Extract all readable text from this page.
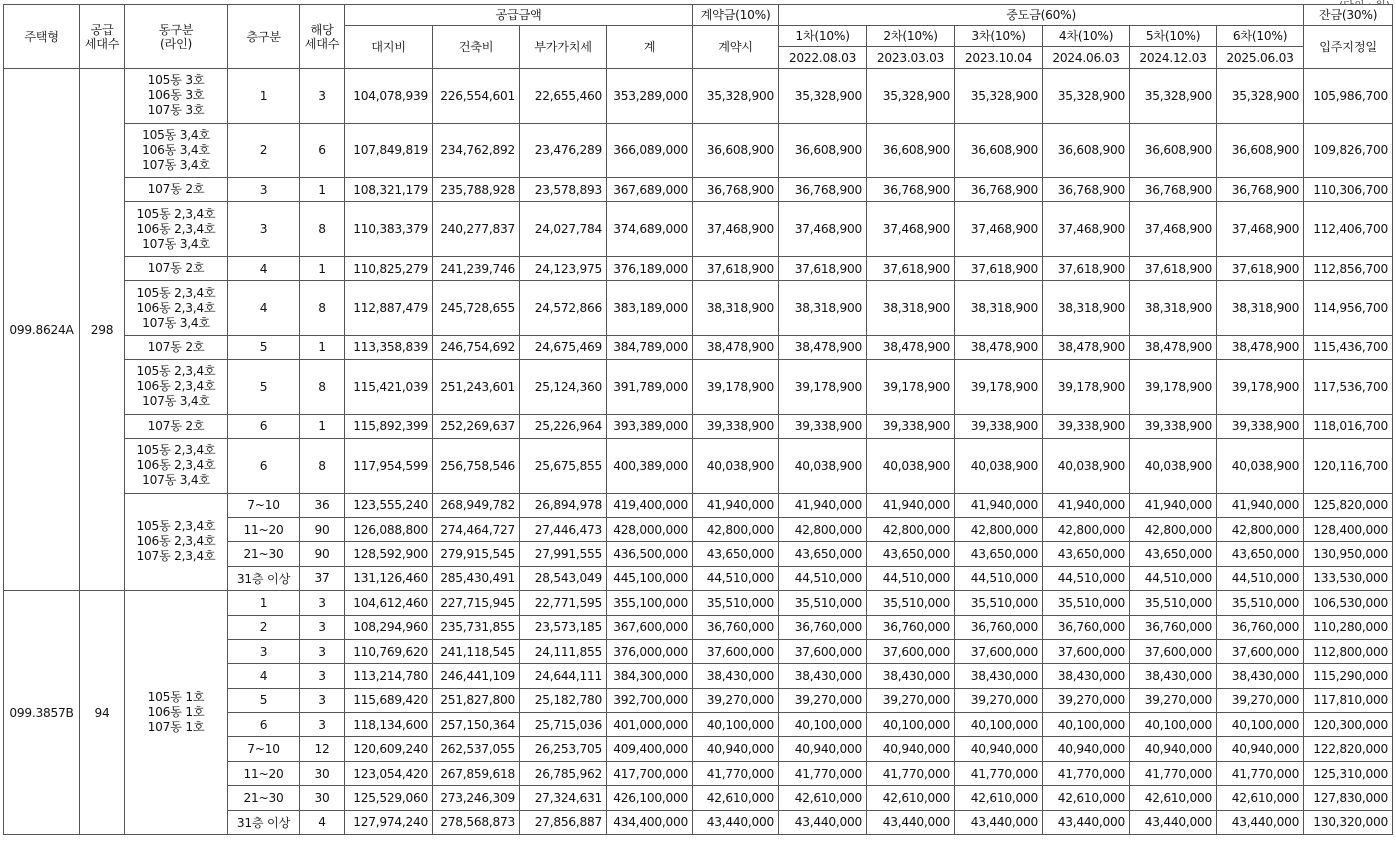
주택형	공급
세대수	동구분
(라인)	층구분	해당
세대수	공급금액				계약금(10%)	중도금(60%)						잔금(30%)
					대지비	건축비	부가가치세	계	계약시	1차(10%)	2차(10%)	3차(10%)	4차(10%)	5차(10%)	6차(10%)	입주지정일
										2022.08.03	2023.03.03	2023.10.04	2024.06.03	2024.12.03	2025.06.03	
099.8624A	298	105동 3호
106동 3호
107동 3호	1	3	104,078,939	226,554,601	22,655,460	353,289,000	35,328,900	35,328,900	35,328,900	35,328,900	35,328,900	35,328,900	35,328,900	105,986,700
		105동 3,4호
106동 3,4호
107동 3,4호	2	6	107,849,819	234,762,892	23,476,289	366,089,000	36,608,900	36,608,900	36,608,900	36,608,900	36,608,900	36,608,900	36,608,900	109,826,700
		107동 2호	3	1	108,321,179	235,788,928	23,578,893	367,689,000	36,768,900	36,768,900	36,768,900	36,768,900	36,768,900	36,768,900	36,768,900	110,306,700
		105동 2,3,4호
106동 2,3,4호
107동 3,4호	3	8	110,383,379	240,277,837	24,027,784	374,689,000	37,468,900	37,468,900	37,468,900	37,468,900	37,468,900	37,468,900	37,468,900	112,406,700
		107동 2호	4	1	110,825,279	241,239,746	24,123,975	376,189,000	37,618,900	37,618,900	37,618,900	37,618,900	37,618,900	37,618,900	37,618,900	112,856,700
		105동 2,3,4호
106동 2,3,4호
107동 3,4호	4	8	112,887,479	245,728,655	24,572,866	383,189,000	38,318,900	38,318,900	38,318,900	38,318,900	38,318,900	38,318,900	38,318,900	114,956,700
		107동 2호	5	1	113,358,839	246,754,692	24,675,469	384,789,000	38,478,900	38,478,900	38,478,900	38,478,900	38,478,900	38,478,900	38,478,900	115,436,700
		105동 2,3,4호
106동 2,3,4호
107동 3,4호	5	8	115,421,039	251,243,601	25,124,360	391,789,000	39,178,900	39,178,900	39,178,900	39,178,900	39,178,900	39,178,900	39,178,900	117,536,700
		107동 2호	6	1	115,892,399	252,269,637	25,226,964	393,389,000	39,338,900	39,338,900	39,338,900	39,338,900	39,338,900	39,338,900	39,338,900	118,016,700
		105동 2,3,4호
106동 2,3,4호
107동 3,4호	6	8	117,954,599	256,758,546	25,675,855	400,389,000	40,038,900	40,038,900	40,038,900	40,038,900	40,038,900	40,038,900	40,038,900	120,116,700
		105동 2,3,4호
106동 2,3,4호
107동 2,3,4호	7~10	36	123,555,240	268,949,782	26,894,978	419,400,000	41,940,000	41,940,000	41,940,000	41,940,000	41,940,000	41,940,000	41,940,000	125,820,000
			11~20	90	126,088,800	274,464,727	27,446,473	428,000,000	42,800,000	42,800,000	42,800,000	42,800,000	42,800,000	42,800,000	42,800,000	128,400,000
			21~30	90	128,592,900	279,915,545	27,991,555	436,500,000	43,650,000	43,650,000	43,650,000	43,650,000	43,650,000	43,650,000	43,650,000	130,950,000
			31층 이상	37	131,126,460	285,430,491	28,543,049	445,100,000	44,510,000	44,510,000	44,510,000	44,510,000	44,510,000	44,510,000	44,510,000	133,530,000
099.3857B	94	105동 1호
106동 1호
107동 1호	1	3	104,612,460	227,715,945	22,771,595	355,100,000	35,510,000	35,510,000	35,510,000	35,510,000	35,510,000	35,510,000	35,510,000	106,530,000
			2	3	108,294,960	235,731,855	23,573,185	367,600,000	36,760,000	36,760,000	36,760,000	36,760,000	36,760,000	36,760,000	36,760,000	110,280,000
			3	3	110,769,620	241,118,545	24,111,855	376,000,000	37,600,000	37,600,000	37,600,000	37,600,000	37,600,000	37,600,000	37,600,000	112,800,000
			4	3	113,214,780	246,441,109	24,644,111	384,300,000	38,430,000	38,430,000	38,430,000	38,430,000	38,430,000	38,430,000	38,430,000	115,290,000
			5	3	115,689,420	251,827,800	25,182,780	392,700,000	39,270,000	39,270,000	39,270,000	39,270,000	39,270,000	39,270,000	39,270,000	117,810,000
			6	3	118,134,600	257,150,364	25,715,036	401,000,000	40,100,000	40,100,000	40,100,000	40,100,000	40,100,000	40,100,000	40,100,000	120,300,000
			7~10	12	120,609,240	262,537,055	26,253,705	409,400,000	40,940,000	40,940,000	40,940,000	40,940,000	40,940,000	40,940,000	40,940,000	122,820,000
			11~20	30	123,054,420	267,859,618	26,785,962	417,700,000	41,770,000	41,770,000	41,770,000	41,770,000	41,770,000	41,770,000	41,770,000	125,310,000
			21~30	30	125,529,060	273,246,309	27,324,631	426,100,000	42,610,000	42,610,000	42,610,000	42,610,000	42,610,000	42,610,000	42,610,000	127,830,000
			31층 이상	4	127,974,240	278,568,873	27,856,887	434,400,000	43,440,000	43,440,000	43,440,000	43,440,000	43,440,000	43,440,000	43,440,000	130,320,000
